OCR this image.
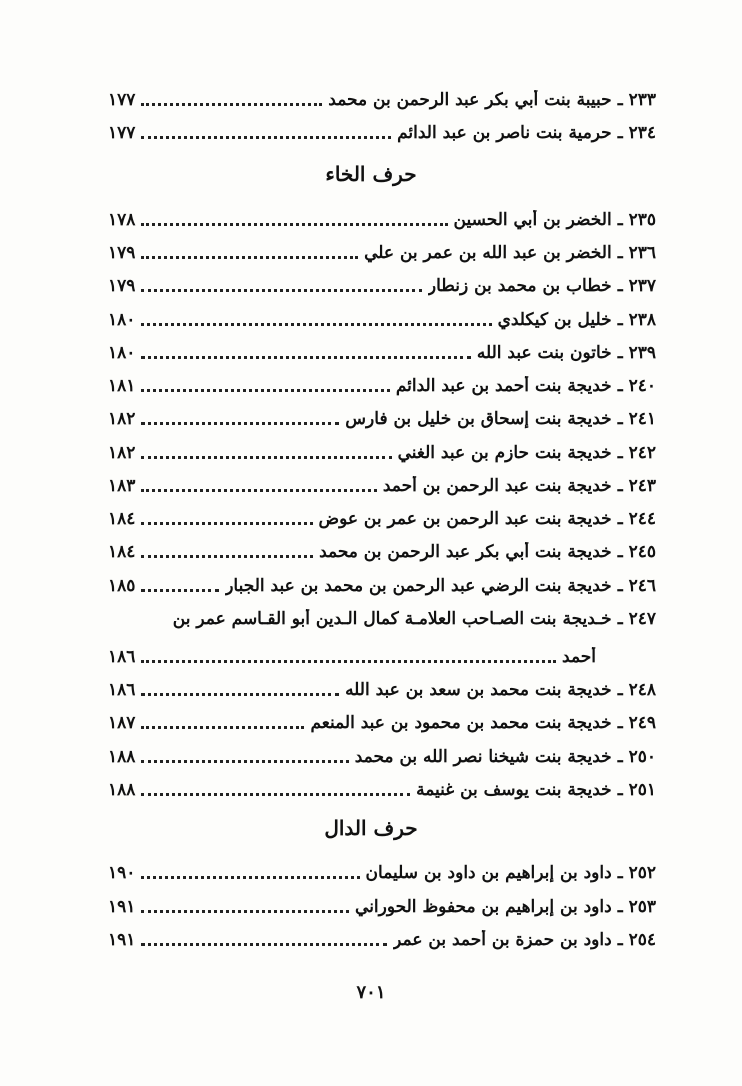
٢٣٣ ـ
حبيبة بنت أبي بكر عبد الرحمن بن محمد
١٧٧
٢٣٤ ـ
حرمية بنت ناصر بن عبد الدائم
١٧٧
حرف الخاء
٢٣٥ ـ
الخضر بن أبي الحسين
١٧٨
٢٣٦ ـ
الخضر بن عبد الله بن عمر بن علي
١٧٩
٢٣٧ ـ
خطاب بن محمد بن زنطار
١٧٩
٢٣٨ ـ
خليل بن كيكلدي
١٨٠
٢٣٩ ـ
خاتون بنت عبد الله
١٨٠
٢٤٠ ـ
خديجة بنت أحمد بن عبد الدائم
١٨١
٢٤١ ـ
خديجة بنت إسحاق بن خليل بن فارس
١٨٢
٢٤٢ ـ
خديجة بنت حازم بن عبد الغني
١٨٢
٢٤٣ ـ
خديجة بنت عبد الرحمن بن أحمد
١٨٣
٢٤٤ ـ
خديجة بنت عبد الرحمن بن عمر بن عوض
١٨٤
٢٤٥ ـ
خديجة بنت أبي بكر عبد الرحمن بن محمد
١٨٤
٢٤٦ ـ
خديجة بنت الرضي عبد الرحمن بن محمد بن عبد الجبار
١٨٥
٢٤٧ ـ
خـديجة بنت الصـاحب العلامـة كمال الـدين أبو القـاسم عمر بن
أحمد
١٨٦
٢٤٨ ـ
خديجة بنت محمد بن سعد بن عبد الله
١٨٦
٢٤٩ ـ
خديجة بنت محمد بن محمود بن عبد المنعم
١٨٧
٢٥٠ ـ
خديجة بنت شيخنا نصر الله بن محمد
١٨٨
٢٥١ ـ
خديجة بنت يوسف بن غنيمة
١٨٨
حرف الدال
٢٥٢ ـ
داود بن إبراهيم بن داود بن سليمان
١٩٠
٢٥٣ ـ
داود بن إبراهيم بن محفوظ الحوراني
١٩١
٢٥٤ ـ
داود بن حمزة بن أحمد بن عمر
١٩١
٧٠١
